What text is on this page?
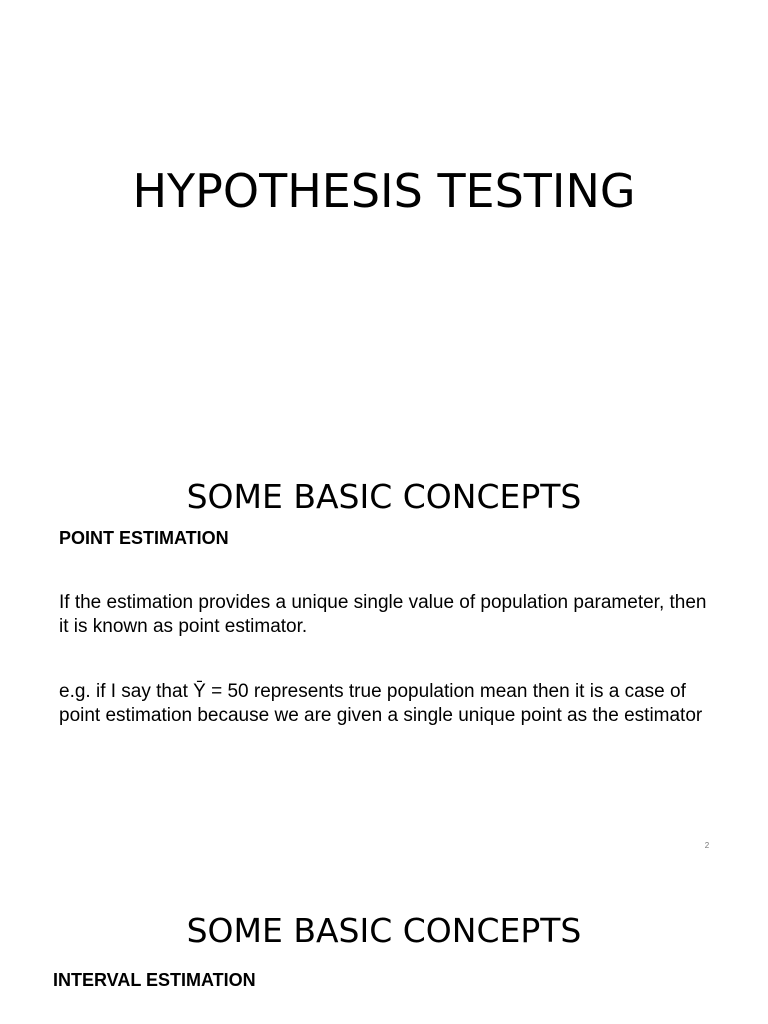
HYPOTHESIS TESTING
SOME BASIC CONCEPTS
POINT ESTIMATION

If the estimation provides a unique single value of population parameter, then it is known as point estimator.

e.g. if I say that Ȳ = 50 represents true population mean then it is a case of point estimation because we are given a single unique point as the estimator

2
SOME BASIC CONCEPTS
INTERVAL ESTIMATION
